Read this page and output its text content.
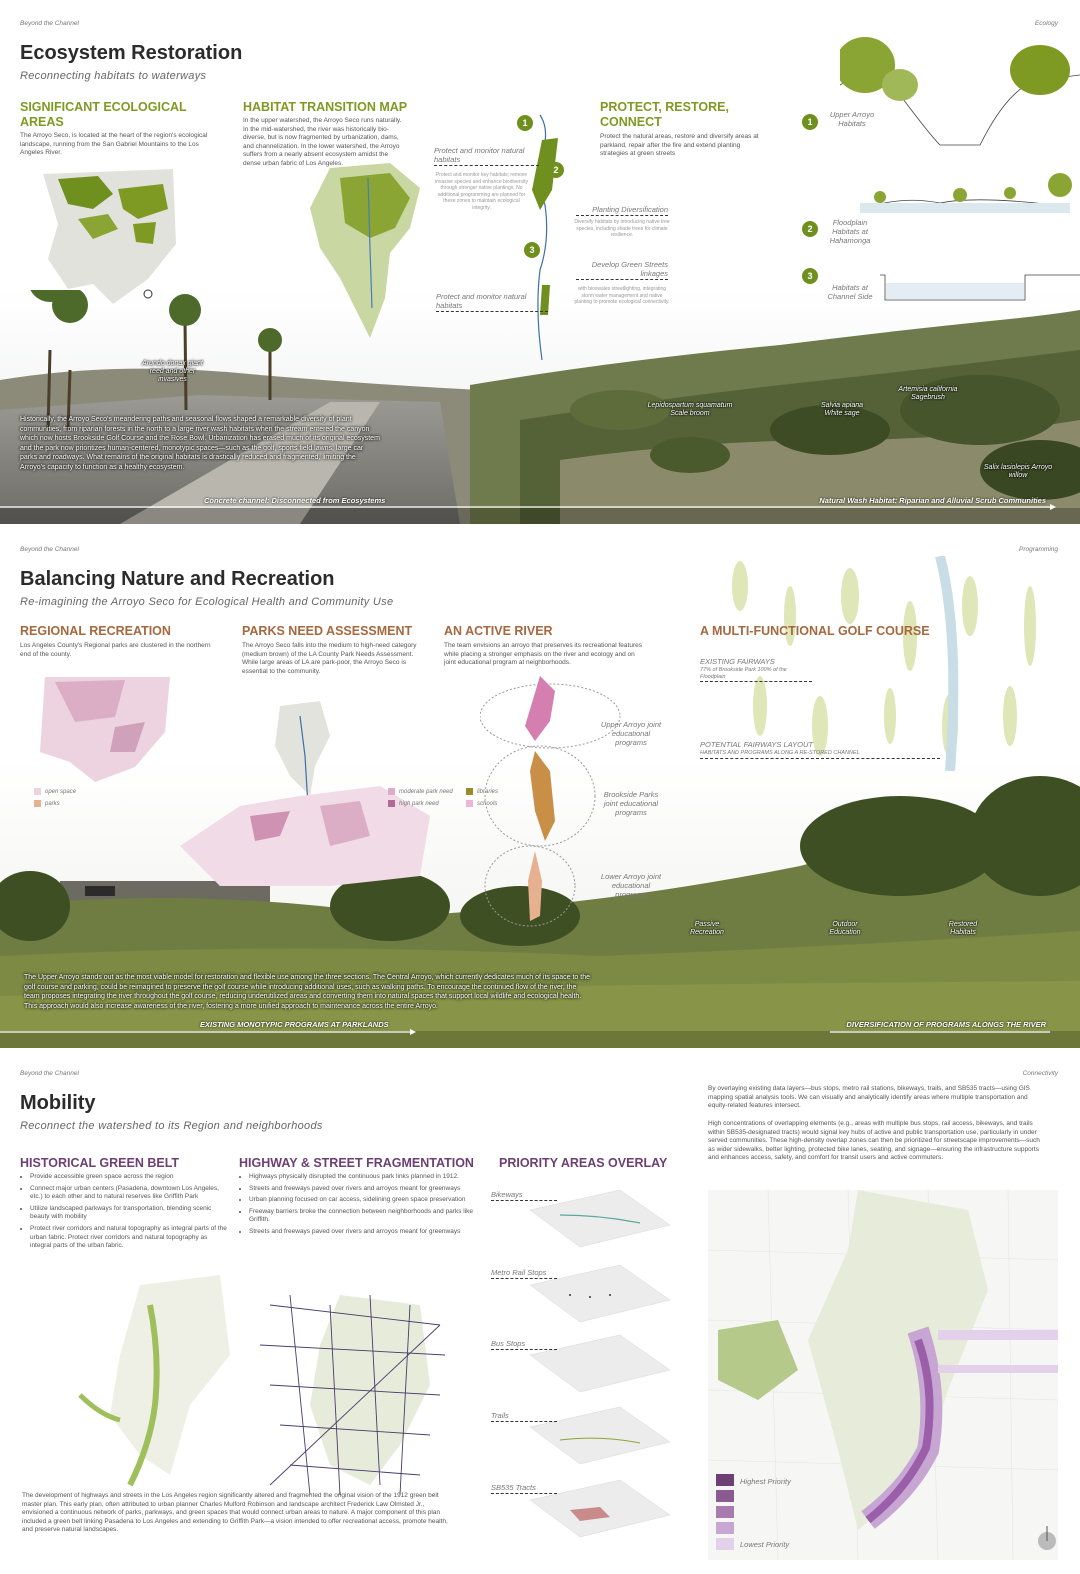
Beyond the Channel	Ecology
Ecosystem Restoration
Reconnecting habitats to waterways
SIGNIFICANT ECOLOGICAL AREAS
The Arroyo Seco, is located at the heart of the region's ecological landscape, running from the San Gabriel Mountains to the Los Angeles River.
HABITAT TRANSITION MAP
In the upper watershed, the Arroyo Seco runs naturally. In the mid-watershed, the river was historically bio-diverse, but is now fragmented by urbanization, dams, and channelization. In the lower watershed, the Arroyo suffers from a nearly absent ecosystem amidst the dense urban fabric of Los Angeles.
1
2
3
Protect and monitor natural habitats
Protect and monitor key habitats; remove invasive species and enhance biodiversity through stronger native plantings. No additional programming are planned for these zones to maintain ecological integrity.	Planting Diversification
Diversify habitats by introducing native tree species, including shade trees for climate resilience.
Develop Green Streets linkages
with bioswales streetlighting, integrating storm water management and native planting to promote ecological connectivity.
Protect and monitor natural habitats
PROTECT, RESTORE, CONNECT
Protect the natural areas, restore and diversify areas at parkland, repair after the fire and extend planting strategies at green streets
1
Upper Arroyo Habitats
2
Floodplain Habitats at Hahamonga
3
Habitats at Channel Side
Arundo donax giant reed and other invasives
Lepidospartum squamatum Scale broom
Salvia apiana White sage
Artemisia california Sagebrush
Salix lasiolepis Arroyo willow
Historically, the Arroyo Seco's meandering paths and seasonal flows shaped a remarkable diversity of plant communities, from riparian forests in the north to a large river wash habitats when the stream entered the canyon which now hosts Brookside Golf Course and the Rose Bowl. Urbanization has erased much of its original ecosystem and the park now prioritizes human-centered, monotypic spaces—such as the golf, sports field lawns, large car parks and roadways. What remains of the original habitats is drastically reduced and fragmented, limiting the Arroyo's capacity to function as a healthy ecosystem.
Concrete channel: Disconnected from Ecosystems	Natural Wash Habitat: Riparian and Alluvial Scrub Communities
Beyond the Channel	Programming
Balancing Nature and Recreation
Re-imagining the Arroyo Seco for Ecological Health and Community Use
REGIONAL RECREATION
Los Angeles County's Regional parks are clustered in the northern end of the county.
open space
parks
PARKS NEED ASSESSMENT
The Arroyo Seco falls into the medium to high-need category (medium brown) of the LA County Park Needs Assessment. While large areas of LA are park-poor, the Arroyo Seco is essential to the community.
moderate park need
high park need
libraries
schools
AN ACTIVE RIVER
The team envisions an arroyo that preserves its recreational features while placing a stronger emphasis on the river and ecology and on joint educational program at neighborhoods.
Upper Arroyo joint educational programs
Brookside Parks joint educational programs
Lower Arroyo joint educational programs
A MULTI-FUNCTIONAL GOLF COURSE
EXISTING FAIRWAYS
77% of Brookside Park 100% of the Floodplain
POTENTIAL FAIRWAYS LAYOUT
HABITATS AND PROGRAMS ALONG A RE-STORED CHANNEL
Passive Recreation
Outdoor Education
Restored Habitats
The Upper Arroyo stands out as the most viable model for restoration and flexible use among the three sections. The Central Arroyo, which currently dedicates much of its space to the golf course and parking, could be reimagined to preserve the golf course while introducing additional uses, such as walking paths. To encourage the continued flow of the river, the team proposes integrating the river throughout the golf course, reducing underutilized areas and converting them into natural spaces that support local wildlife and ecological health. This approach would also increase awareness of the river, fostering a more unified approach to maintenance across the entire Arroyo.
EXISTING MONOTYPIC PROGRAMS AT PARKLANDS	DIVERSIFICATION OF PROGRAMS ALONGS THE RIVER
Beyond the Channel	Connectivity
Mobility
Reconnect the watershed to its Region and neighborhoods
HISTORICAL GREEN BELT
• Provide accessible green space across the region
• Connect major urban centers (Pasadena, downtown Los Angeles, etc.) to each other and to natural reserves like Griffith Park
• Utilize landscaped parkways for transportation, blending scenic beauty with mobility
• Protect river corridors and natural topography as integral parts of the urban fabric. Protect river corridors and natural topography as integral parts of the urban fabric.
HIGHWAY & STREET FRAGMENTATION
• Highways physically disrupted the continuous park links planned in 1912.
• Streets and freeways paved over rivers and arroyos meant for greenways
• Urban planning focused on car access, sidelining green space preservation
• Freeway barriers broke the connection between neighborhoods and parks like Griffith.
• Streets and freeways paved over rivers and arroyos meant for greenways
PRIORITY AREAS OVERLAY
Bikeways
Metro Rail Stops
Bus Stops
Trails
SB535 Tracts
By overlaying existing data layers—bus stops, metro rail stations, bikeways, trails, and SB535 tracts—using GIS mapping spatial analysis tools. We can visually and analytically identify areas where multiple transportation and equity-related features intersect.
High concentrations of overlapping elements (e.g., areas with multiple bus stops, rail access, bikeways, and trails within SB535-designated tracts) would signal key hubs of active and public transportation use, particularly in under served communities. These high-density overlap zones can then be prioritized for streetscape improvements—such as wider sidewalks, better lighting, protected bike lanes, seating, and signage—ensuring the infrastructure supports and enhances access, safety, and comfort for transit users and active commuters.
Highest Priority
Lowest Priority
The development of highways and streets in the Los Angeles region significantly altered and fragmented the original vision of the 1912 green belt master plan. This early plan, often attributed to urban planner Charles Mulford Robinson and landscape architect Frederick Law Olmsted Jr., envisioned a continuous network of parks, parkways, and green spaces that would connect urban areas to nature. A major component of this plan included a green belt linking Pasadena to Los Angeles and extending to Griffith Park—a vision intended to offer recreational access, promote health, and preserve natural landscapes.
